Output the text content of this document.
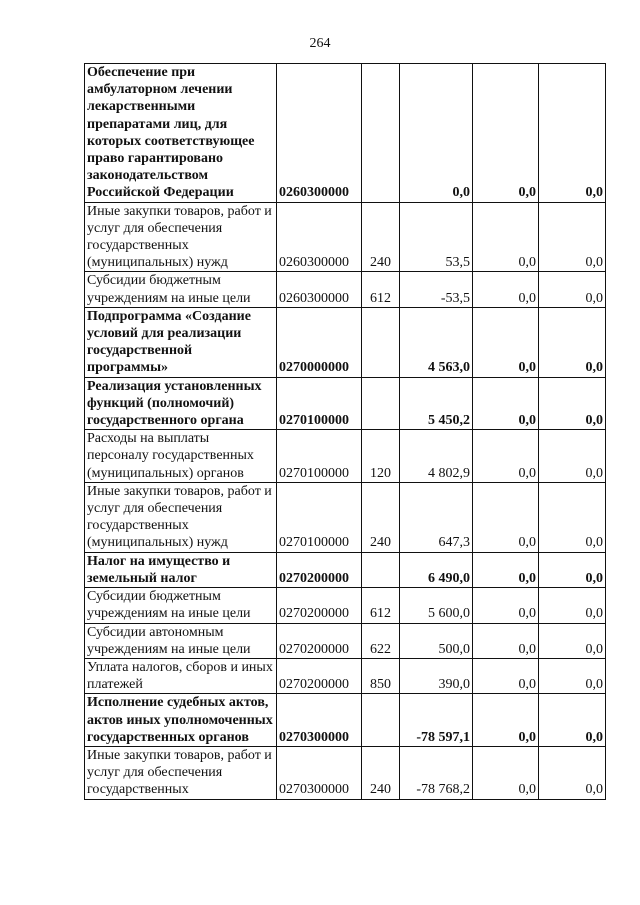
264
Обеспечение при амбулаторном лечении лекарственными препаратами лиц, для которых соответствующее право гарантировано законодательством Российской Федерации	0260300000		0,0	0,0	0,0
Иные закупки товаров, работ и услуг для обеспечения государственных (муниципальных) нужд	0260300000	240	53,5	0,0	0,0
Субсидии бюджетным учреждениям на иные цели	0260300000	612	-53,5	0,0	0,0
Подпрограмма «Создание условий для реализации государственной программы»	0270000000		4 563,0	0,0	0,0
Реализация установленных функций (полномочий) государственного органа	0270100000		5 450,2	0,0	0,0
Расходы на выплаты персоналу государственных (муниципальных) органов	0270100000	120	4 802,9	0,0	0,0
Иные закупки товаров, работ и услуг для обеспечения государственных (муниципальных) нужд	0270100000	240	647,3	0,0	0,0
Налог на имущество и земельный налог	0270200000		6 490,0	0,0	0,0
Субсидии бюджетным учреждениям на иные цели	0270200000	612	5 600,0	0,0	0,0
Субсидии автономным учреждениям на иные цели	0270200000	622	500,0	0,0	0,0
Уплата налогов, сборов и иных платежей	0270200000	850	390,0	0,0	0,0
Исполнение судебных актов, актов иных уполномоченных государственных органов	0270300000		-78 597,1	0,0	0,0
Иные закупки товаров, работ и услуг для обеспечения государственных	0270300000	240	-78 768,2	0,0	0,0
